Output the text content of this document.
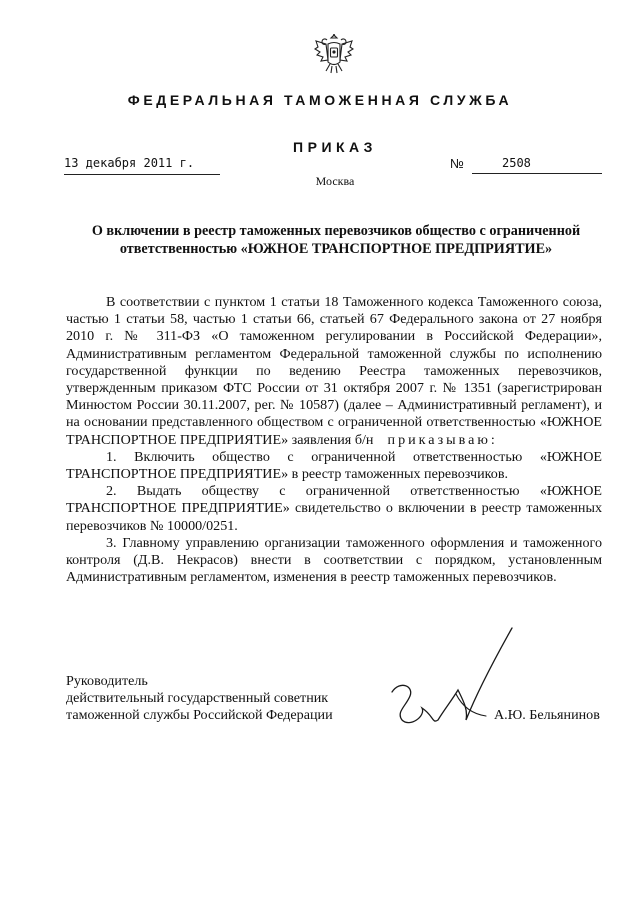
ФЕДЕРАЛЬНАЯ ТАМОЖЕННАЯ СЛУЖБА
ПРИКАЗ
13 декабря 2011 г.	№	2508
Москва
О включении в реестр таможенных перевозчиков общество с ограниченной ответственностью «ЮЖНОЕ ТРАНСПОРТНОЕ ПРЕДПРИЯТИЕ»

В соответствии с пунктом 1 статьи 18 Таможенного кодекса Таможенного союза, частью 1 статьи 58, частью 1 статьи 66, статьей 67 Федерального закона от 27 ноября 2010 г. № 311-ФЗ «О таможенном регулировании в Российской Федерации», Административным регламентом Федеральной таможенной службы по исполнению государственной функции по ведению Реестра таможенных перевозчиков, утвержденным приказом ФТС России от 31 октября 2007 г. № 1351 (зарегистрирован Минюстом России 30.11.2007, рег. № 10587) (далее – Административный регламент), и на основании представленного обществом с ограниченной ответственностью «ЮЖНОЕ ТРАНСПОРТНОЕ ПРЕДПРИЯТИЕ» заявления б/н приказываю:

1. Включить общество с ограниченной ответственностью «ЮЖНОЕ ТРАНСПОРТНОЕ ПРЕДПРИЯТИЕ» в реестр таможенных перевозчиков.

2. Выдать обществу с ограниченной ответственностью «ЮЖНОЕ ТРАНСПОРТНОЕ ПРЕДПРИЯТИЕ» свидетельство о включении в реестр таможенных перевозчиков № 10000/0251.

3. Главному управлению организации таможенного оформления и таможенного контроля (Д.В. Некрасов) внести в соответствии с порядком, установленным Административным регламентом, изменения в реестр таможенных перевозчиков.

Руководитель
действительный государственный советник
таможенной службы Российской Федерации	А.Ю. Бельянинов
